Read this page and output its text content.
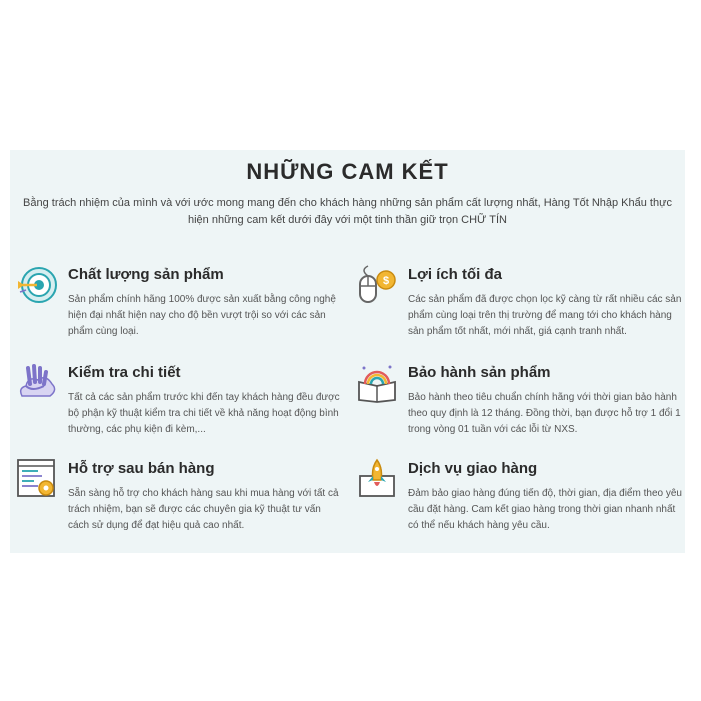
NHỮNG CAM KẾT
Bằng trách nhiệm của mình và với ước mong mang đến cho khách hàng những sản phẩm cất lượng nhất, Hàng Tốt Nhập Khẩu thực hiện những cam kết dưới đây với một tinh thần giữ trọn CHỮ TÍN
Chất lượng sản phẩm
Sản phẩm chính hãng 100% được sản xuất bằng công nghệ hiện đại nhất hiện nay cho độ bền vượt trội so với các sản phẩm cùng loại.
$ Lợi ích tối đa
Các sản phẩm đã được chọn lọc kỹ càng từ rất nhiều các sản phẩm cùng loại trên thị trường để mang tới cho khách hàng sản phẩm tốt nhất, mới nhất, giá cạnh tranh nhất.
Kiểm tra chi tiết
Tất cả các sản phẩm trước khi đến tay khách hàng đều được bộ phận kỹ thuật kiểm tra chi tiết về khả năng hoạt động bình thường, các phụ kiện đi kèm,...
Bảo hành sản phẩm
Bảo hành theo tiêu chuẩn chính hãng với thời gian bảo hành theo quy định là 12 tháng. Đồng thời, bạn được hỗ trợ 1 đổi 1 trong vòng 01 tuần với các lỗi từ NXS.
Hỗ trợ sau bán hàng
Sẵn sàng hỗ trợ cho khách hàng sau khi mua hàng với tất cả trách nhiệm, bạn sẽ được các chuyên gia kỹ thuật tư vấn cách sử dụng để đạt hiệu quả cao nhất.
Dịch vụ giao hàng
Đảm bảo giao hàng đúng tiến độ, thời gian, địa điểm theo yêu cầu đặt hàng. Cam kết giao hàng trong thời gian nhanh nhất có thể nếu khách hàng yêu cầu.
